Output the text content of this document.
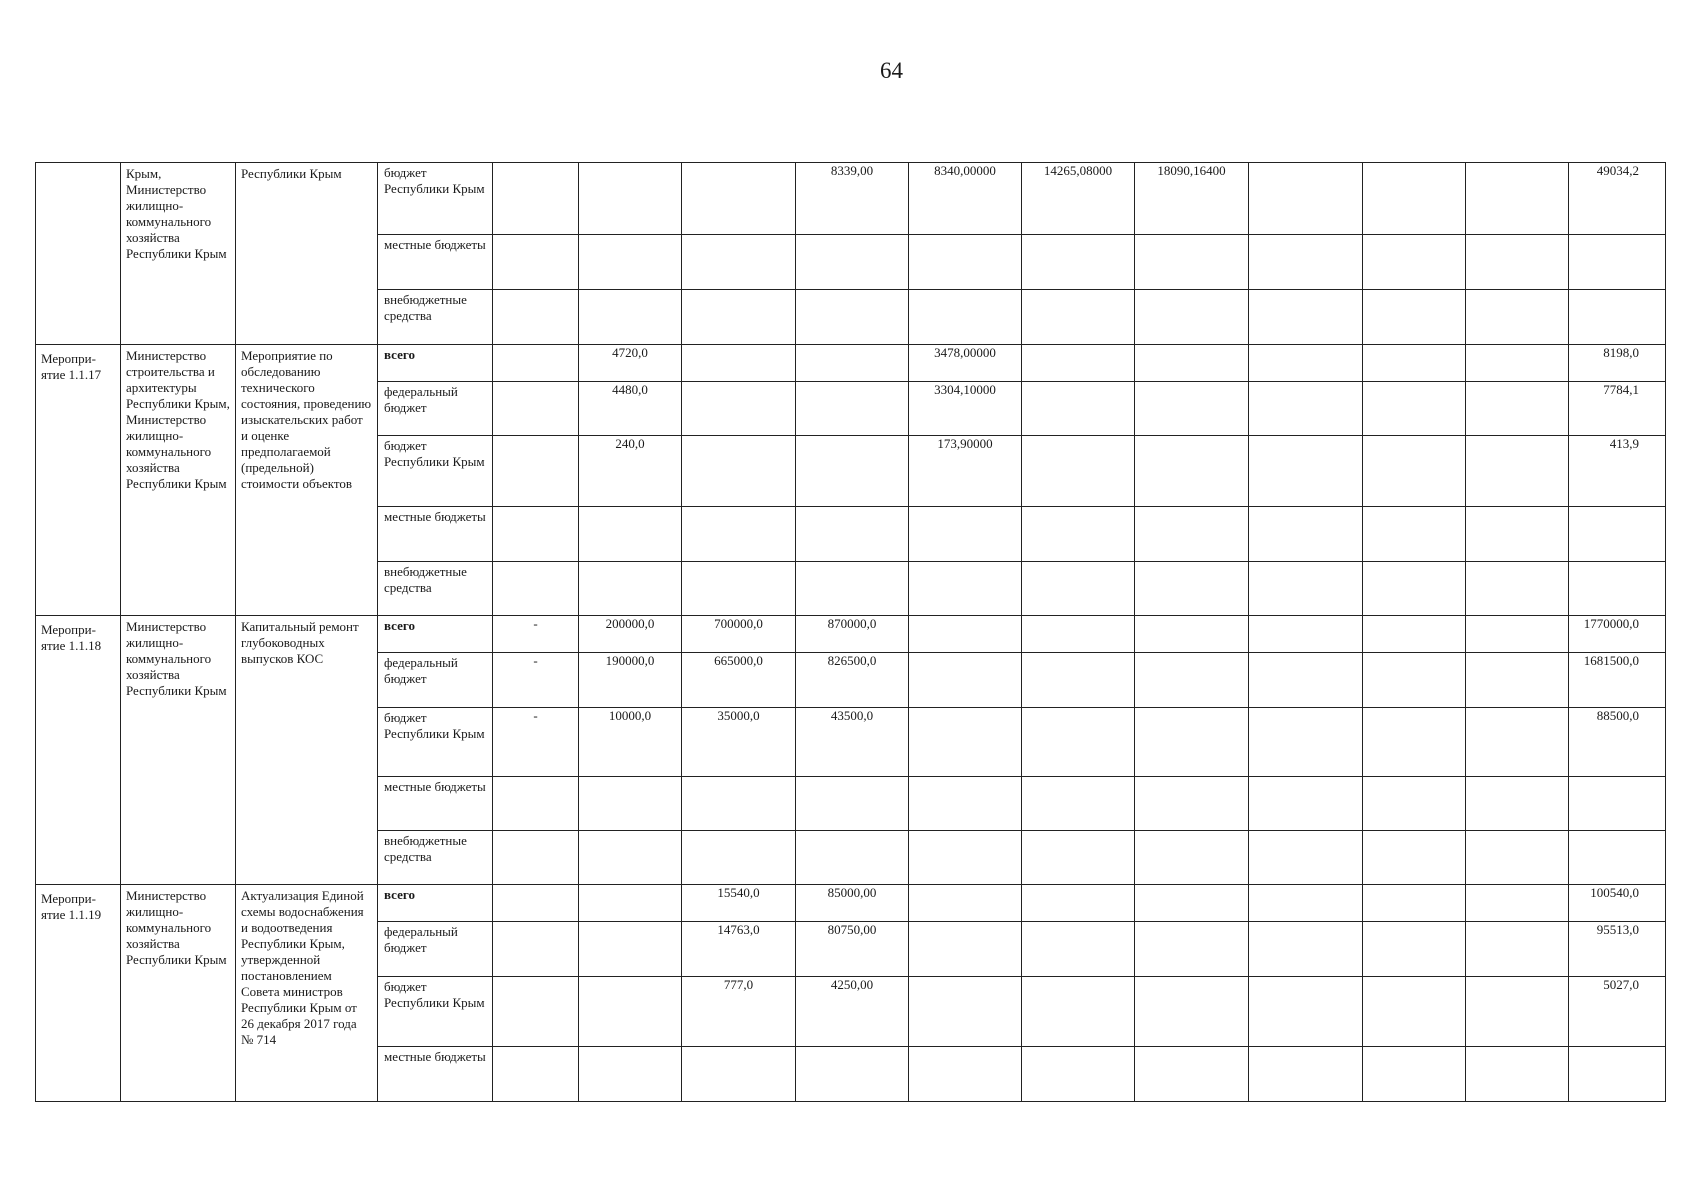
64

	Крым, Министерство жилищно-коммунального хозяйства Республики Крым	Республики Крым	бюджет Республики Крым				8339,00	8340,00000	14265,08000	18090,16400				49034,2

			местные бюджеты											

			внебюджетные средства											

Меропри-ятие 1.1.17	Министерство строительства и архитектуры Республики Крым, Министерство жилищно-коммунального хозяйства Республики Крым	Мероприятие по обследованию технического состояния, проведению изыскательских работ и оценке предполагаемой (предельной) стоимости объектов	всего		4720,0			3478,00000						8198,0

			федеральный бюджет		4480,0			3304,10000						7784,1

			бюджет Республики Крым		240,0			173,90000						413,9

			местные бюджеты											

			внебюджетные средства											

Меропри-ятие 1.1.18	Министерство жилищно-коммунального хозяйства Республики Крым	Капитальный ремонт глубоководных выпусков КОС	всего	-	200000,0	700000,0	870000,0							1770000,0

			федеральный бюджет	-	190000,0	665000,0	826500,0							1681500,0

			бюджет Республики Крым	-	10000,0	35000,0	43500,0							88500,0

			местные бюджеты											

			внебюджетные средства											

Меропри-ятие 1.1.19	Министерство жилищно-коммунального хозяйства Республики Крым	Актуализация Единой схемы водоснабжения и водоотведения Республики Крым, утвержденной постановлением Совета министров Республики Крым от 26 декабря 2017 года № 714	всего			15540,0	85000,00							100540,0

			федеральный бюджет			14763,0	80750,00							95513,0

			бюджет Республики Крым			777,0	4250,00							5027,0

			местные бюджеты											
